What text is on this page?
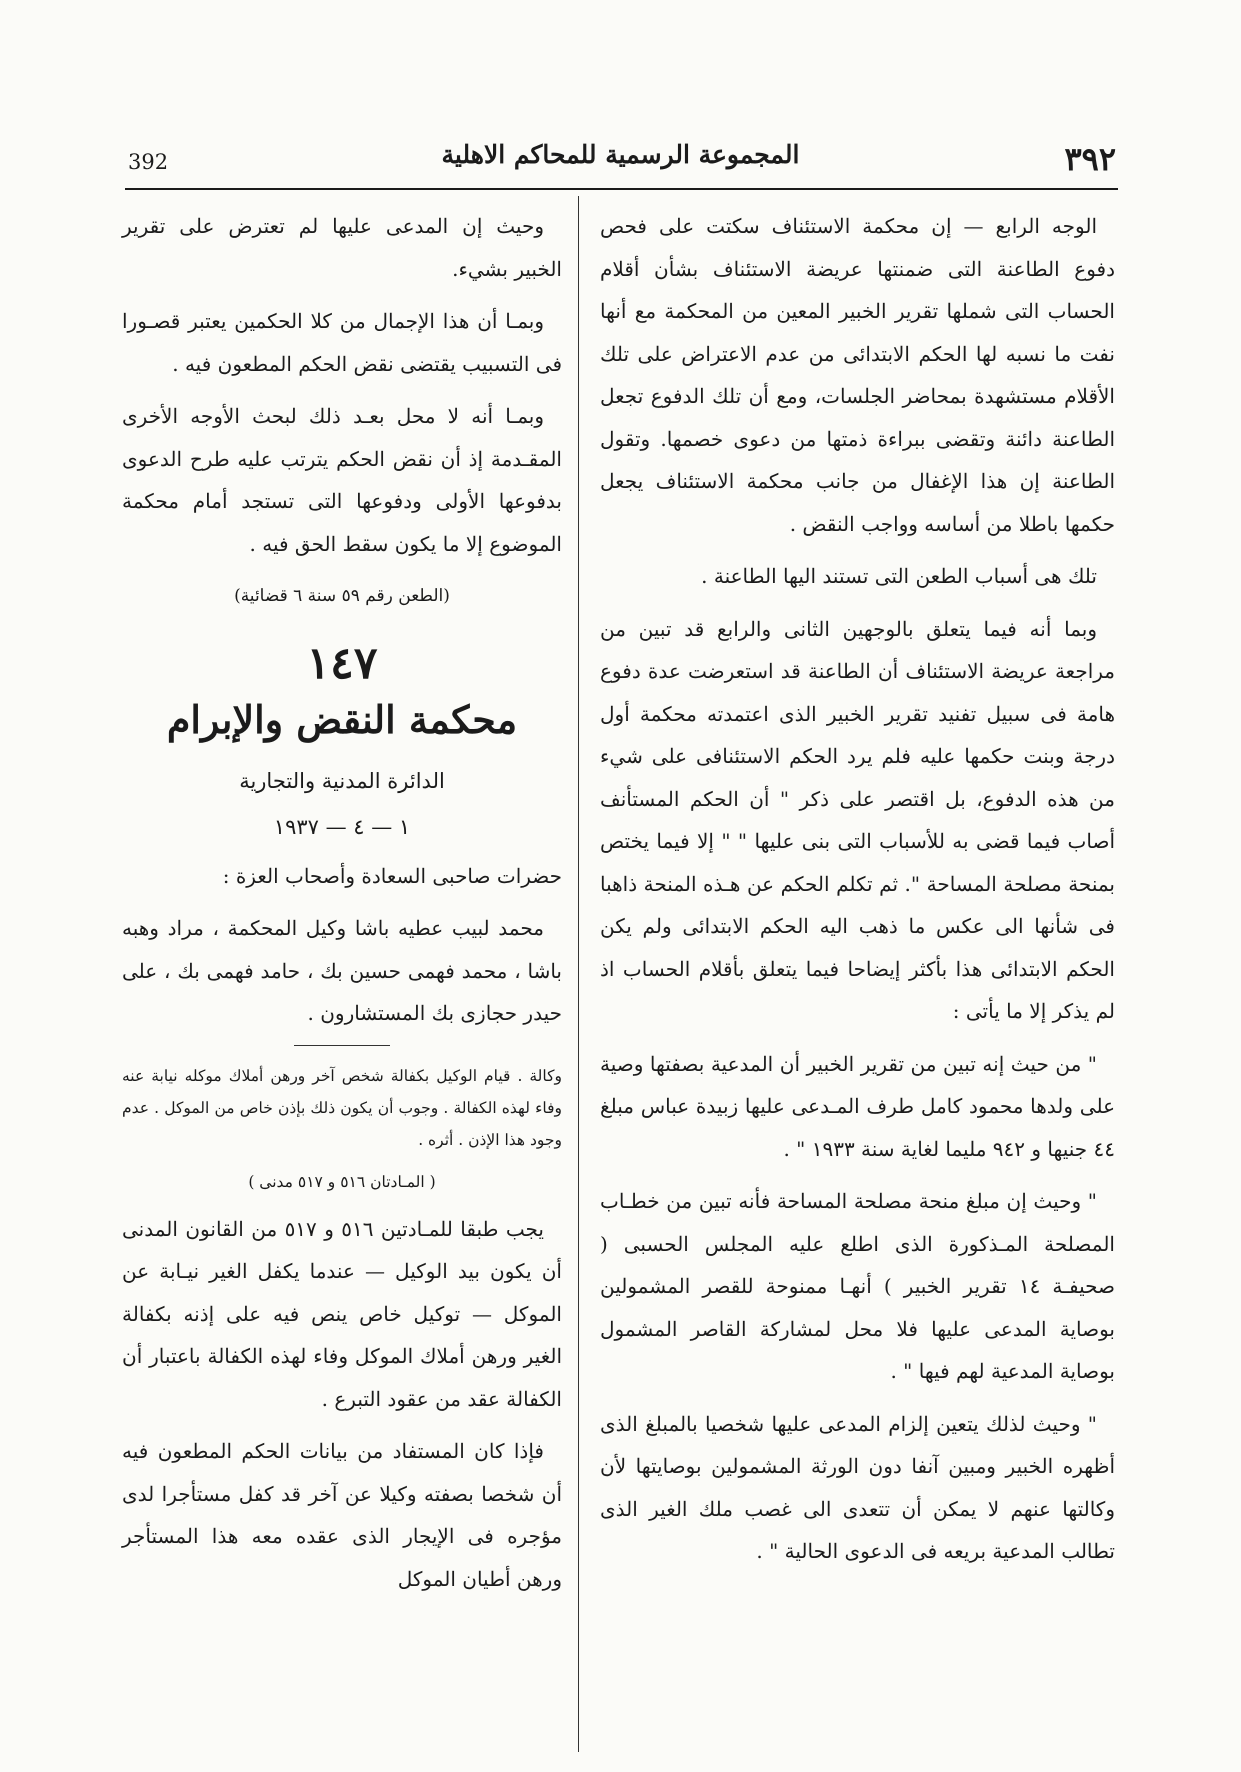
392	المجموعة الرسمية للمحاكم الاهلية	٣٩٢

الوجه الرابع — إن محكمة الاستئناف سكتت على فحص دفوع الطاعنة التى ضمنتها عريضة الاستئناف بشأن أقلام الحساب التى شملها تقرير الخبير المعين من المحكمة مع أنها نفت ما نسبه لها الحكم الابتدائى من عدم الاعتراض على تلك الأقلام مستشهدة بمحاضر الجلسات، ومع أن تلك الدفوع تجعل الطاعنة دائنة وتقضى ببراءة ذمتها من دعوى خصمها. وتقول الطاعنة إن هذا الإغفال من جانب محكمة الاستئناف يجعل حكمها باطلا من أساسه وواجب النقض .

تلك هى أسباب الطعن التى تستند اليها الطاعنة .

وبما أنه فيما يتعلق بالوجهين الثانى والرابع قد تبين من مراجعة عريضة الاستئناف أن الطاعنة قد استعرضت عدة دفوع هامة فى سبيل تفنيد تقرير الخبير الذى اعتمدته محكمة أول درجة وبنت حكمها عليه فلم يرد الحكم الاستئنافى على شيء من هذه الدفوع، بل اقتصر على ذكر " أن الحكم المستأنف أصاب فيما قضى به للأسباب التى بنى عليها " " إلا فيما يختص بمنحة مصلحة المساحة ". ثم تكلم الحكم عن هـذه المنحة ذاهبا فى شأنها الى عكس ما ذهب اليه الحكم الابتدائى ولم يكن الحكم الابتدائى هذا بأكثر إيضاحا فيما يتعلق بأقلام الحساب اذ لم يذكر إلا ما يأتى :

" من حيث إنه تبين من تقرير الخبير أن المدعية بصفتها وصية على ولدها محمود كامل طرف المـدعى عليها زبيدة عباس مبلغ ٤٤ جنيها و ٩٤٢ مليما لغاية سنة ١٩٣٣ " .

" وحيث إن مبلغ منحة مصلحة المساحة فأنه تبين من خطـاب المصلحة المـذكورة الذى اطلع عليه المجلس الحسبى ( صحيفـة ١٤ تقرير الخبير ) أنهـا ممنوحة للقصر المشمولين بوصاية المدعى عليها فلا محل لمشاركة القاصر المشمول بوصاية المدعية لهم فيها " .

" وحيث لذلك يتعين إلزام المدعى عليها شخصيا بالمبلغ الذى أظهره الخبير ومبين آنفا دون الورثة المشمولين بوصايتها لأن وكالتها عنهم لا يمكن أن تتعدى الى غصب ملك الغير الذى تطالب المدعية بريعه فى الدعوى الحالية " .

وحيث إن المدعى عليها لم تعترض على تقرير الخبير بشيء.

وبمـا أن هذا الإجمال من كلا الحكمين يعتبر قصـورا فى التسبيب يقتضى نقض الحكم المطعون فيه .

وبمـا أنه لا محل بعـد ذلك لبحث الأوجه الأخرى المقـدمة إذ أن نقض الحكم يترتب عليه طرح الدعوى بدفوعها الأولى ودفوعها التى تستجد أمام محكمة الموضوع إلا ما يكون سقط الحق فيه .

(الطعن رقم ٥٩ سنة ٦ قضائية)
١٤٧
محكمة النقض والإبرام
الدائرة المدنية والتجارية
١ — ٤ — ١٩٣٧

حضرات صاحبى السعادة وأصحاب العزة :

محمد لبيب عطيه باشا وكيل المحكمة ، مراد وهبه باشا ، محمد فهمى حسين بك ، حامد فهمى بك ، على حيدر حجازى بك المستشارون .

وكالة . قيام الوكيل بكفالة شخص آخر ورهن أملاك موكله نيابة عنه وفاء لهذه الكفالة . وجوب أن يكون ذلك بإذن خاص من الموكل . عدم وجود هذا الإذن . أثره .

( المـادتان ٥١٦ و ٥١٧ مدنى )

يجب طبقا للمـادتين ٥١٦ و ٥١٧ من القانون المدنى أن يكون بيد الوكيل — عندما يكفل الغير نيـابة عن الموكل — توكيل خاص ينص فيه على إذنه بكفالة الغير ورهن أملاك الموكل وفاء لهذه الكفالة باعتبار أن الكفالة عقد من عقود التبرع .

فإذا كان المستفاد من بيانات الحكم المطعون فيه أن شخصا بصفته وكيلا عن آخر قد كفل مستأجرا لدى مؤجره فى الإيجار الذى عقده معه هذا المستأجر ورهن أطيان الموكل
